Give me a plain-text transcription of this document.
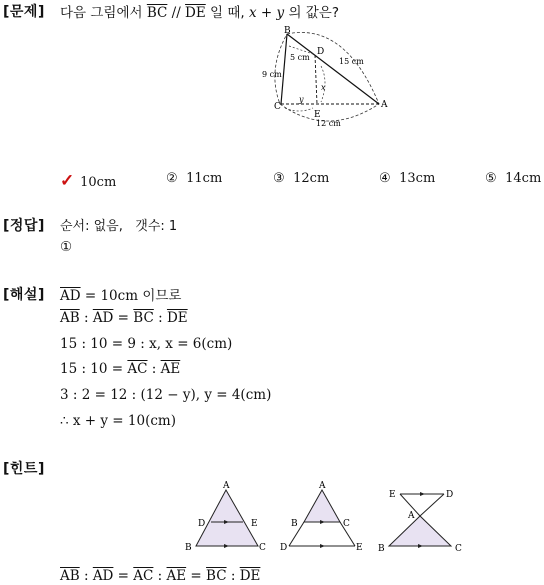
[문제] 다음 그림에서 $\overline{BC} // \overline{DE}$ 일 때, x + y 의 값은?
B
D
C
E
A
5 cm	15 cm
9 cm
y
x
12 cm
✓ 10cm	② 11cm	③ 12cm	④ 13cm	⑤ 14cm
[정답] 순서: 없음,   갯수: 1
①
[해설] $\overline{AD} = 10cm$ 이므로
$\overline{AB}$ : $\overline{AD} = \overline{BC}$ : $\overline{DE}$
15 : 10 = 9 : x, x = 6(cm)
15 : $10 = \overline{AC}$ : $\overline{AE}$
3 : 2 = 12 : (12 − y), y = 4(cm)
∴ x + y = 10(cm)
[힌트]
A
D	E
B	C
A
B	C
D	E
E	D
A
B	C
$\overline{AB}$ : $\overline{AD} = \overline{AC}$ : $\overline{AE} = \overline{BC}$ : $\overline{DE}$
